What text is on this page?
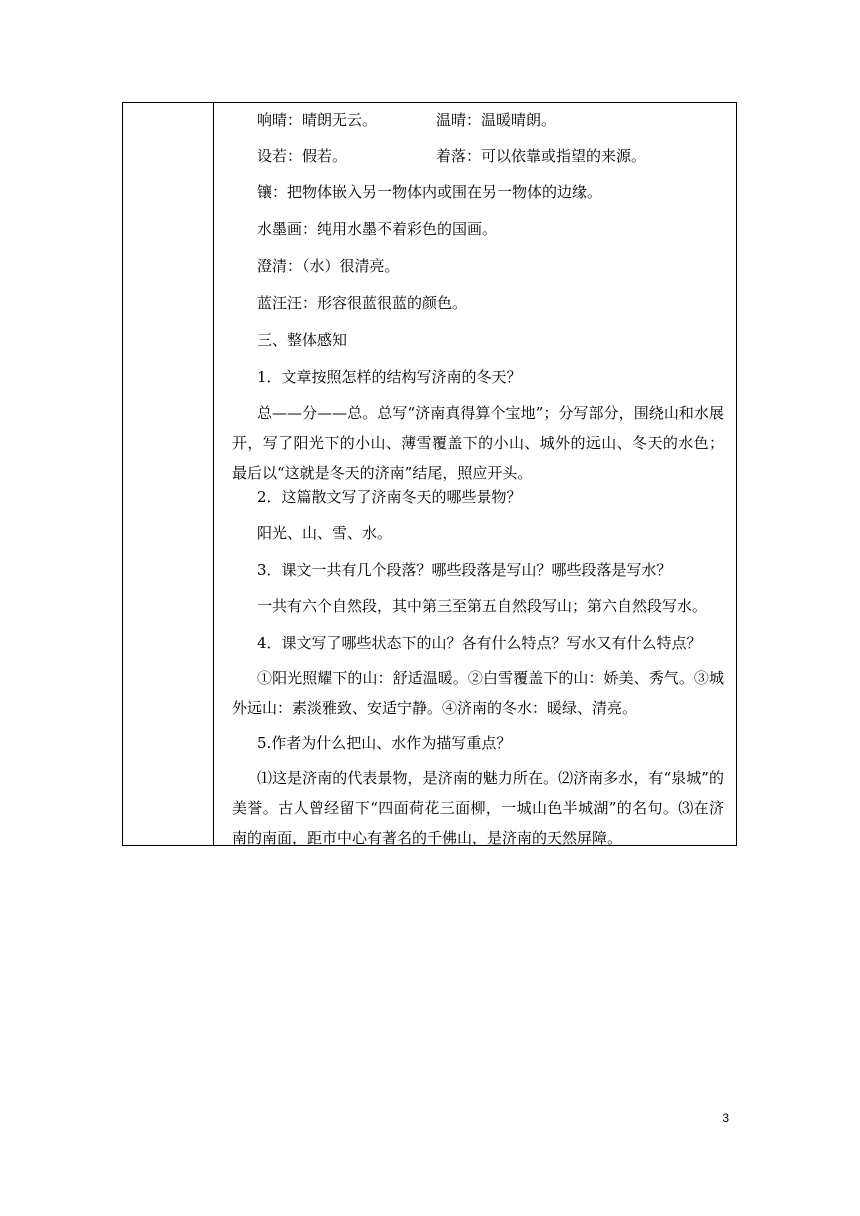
响晴：晴朗无云。	温晴：温暖晴朗。
设若：假若。	着落：可以依靠或指望的来源。
镶：把物体嵌入另一物体内或围在另一物体的边缘。
水墨画：纯用水墨不着彩色的国画。
澄清：（水）很清亮。
蓝汪汪：形容很蓝很蓝的颜色。
三、整体感知
1．文章按照怎样的结构写济南的冬天？
总——分——总。总写“济南真得算个宝地”；分写部分，围绕山和水展开，写了阳光下的小山、薄雪覆盖下的小山、城外的远山、冬天的水色；最后以“这就是冬天的济南”结尾，照应开头。
2．这篇散文写了济南冬天的哪些景物？
阳光、山、雪、水。
3．课文一共有几个段落？哪些段落是写山？哪些段落是写水？
一共有六个自然段，其中第三至第五自然段写山；第六自然段写水。
4．课文写了哪些状态下的山？各有什么特点？写水又有什么特点？
①阳光照耀下的山：舒适温暖。②白雪覆盖下的山：娇美、秀气。③城外远山：素淡雅致、安适宁静。④济南的冬水：暖绿、清亮。
5.作者为什么把山、水作为描写重点？
⑴这是济南的代表景物，是济南的魅力所在。⑵济南多水，有“泉城”的美誉。古人曾经留下“四面荷花三面柳，一城山色半城湖”的名句。⑶在济南的南面，距市中心有著名的千佛山，是济南的天然屏障。
3
